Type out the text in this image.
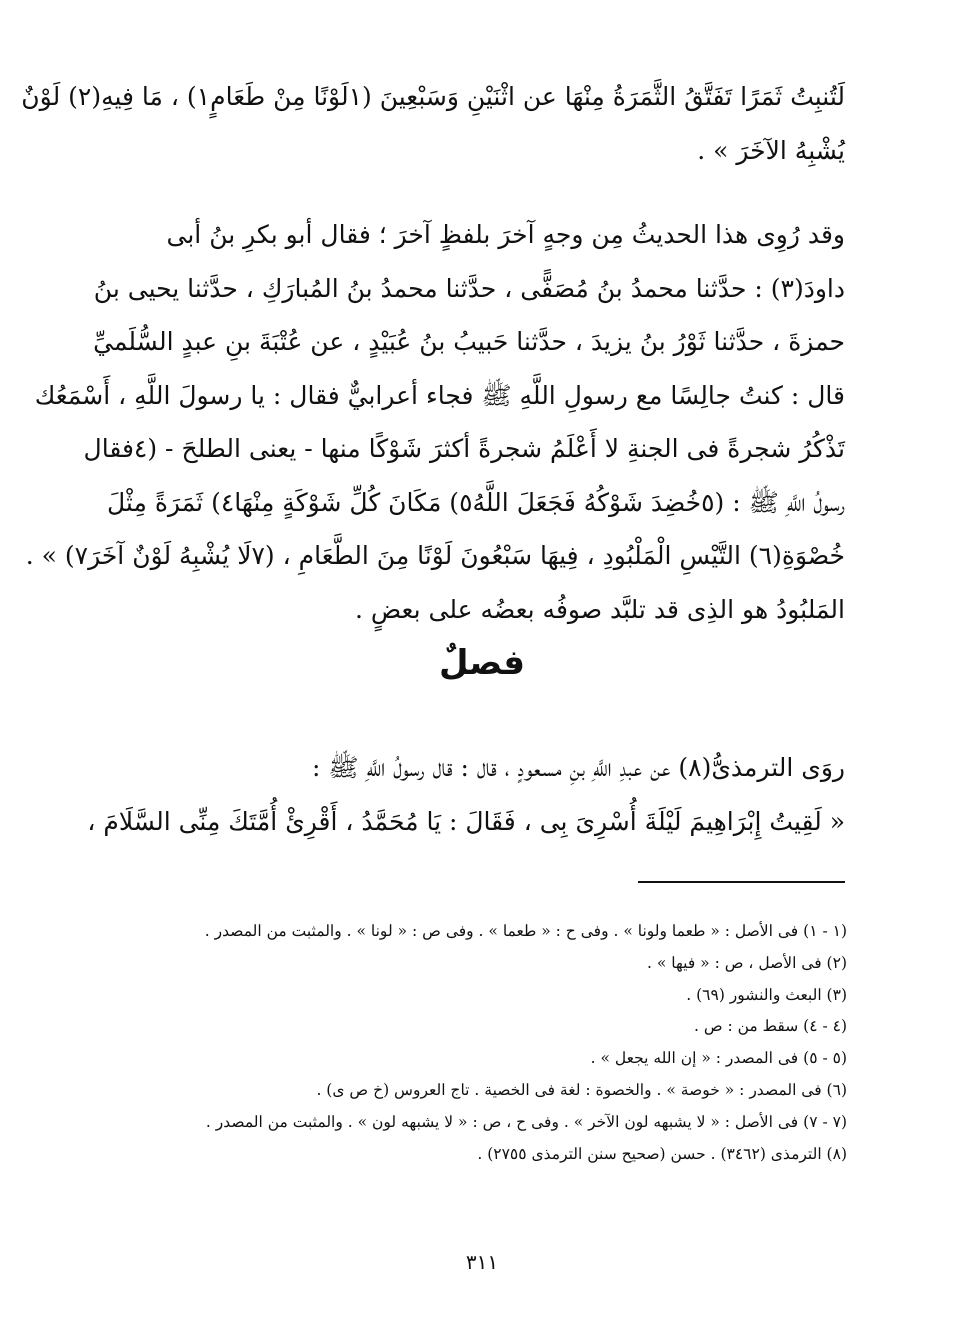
لَتُنبِتُ ثَمَرًا تَفَتَّقُ الثَّمَرَةُ مِنْهَا عن اثْنَيْنِ وَسَبْعِينَ (١لَوْنًا مِنْ طَعَامٍ١) ، مَا فِيهِ(٢) لَوْنٌ
يُشْبِهُ الآخَرَ » .
وقد رُوِى هذا الحديثُ مِن وجهٍ آخرَ بلفظٍ آخرَ ؛ فقال أبو بكرِ بنُ أبى
داودَ(٣) : حدَّثنا محمدُ بنُ مُصَفًّى ، حدَّثنا محمدُ بنُ المُبارَكِ ، حدَّثنا يحيى بنُ
حمزةَ ، حدَّثنا ثَوْرُ بنُ يزيدَ ، حدَّثنا حَبيبُ بنُ عُبَيْدٍ ، عن عُتْبَةَ بنِ عبدٍ السُّلَميِّ
قال : كنتُ جالِسًا مع رسولِ اللَّهِ ﷺ فجاء أعرابيٌّ فقال : يا رسولَ اللَّهِ ، أَسْمَعُك
تَذْكُرُ شجرةً فى الجنةِ لا أَعْلَمُ شجرةً أكثرَ شَوْكًا منها - يعنى الطلحَ - (٤فقال
رسولُ اللَّهِ ﷺ : (٥خُضِدَ شَوْكُهُ فَجَعَلَ اللَّهُ٥) مَكَانَ كُلِّ شَوْكَةٍ مِنْهَا٤) ثَمَرَةً مِثْلَ
خُصْوَةِ(٦) التَّيْسِ الْمَلْبُودِ ، فِيهَا سَبْعُونَ لَوْنًا مِنَ الطَّعَامِ ، (٧لَا يُشْبِهُ لَوْنٌ آخَرَ٧) » .
المَلبُودُ هو الذِى قد تلبَّد صوفُه بعضُه على بعضٍ .
فصلٌ
روَى الترمذىُّ(٨) عن عبدِ اللَّهِ بنِ مسعودٍ ، قال : قال رسولُ اللَّهِ ﷺ :
« لَقِيتُ إِبْرَاهِيمَ لَيْلَةَ أُسْرِىَ بِى ، فَقَالَ : يَا مُحَمَّدُ ، أَقْرِئْ أُمَّتَكَ مِنِّى السَّلَامَ ،
(١ - ١) فى الأصل : « طعما ولونا » . وفى ح : « طعما » . وفى ص : « لونا » . والمثبت من المصدر .
(٢) فى الأصل ، ص : « فيها » .
(٣) البعث والنشور (٦٩) .
(٤ - ٤) سقط من : ص .
(٥ - ٥) فى المصدر : « إن الله يجعل » .
(٦) فى المصدر : « خوصة » . والخصوة : لغة فى الخصية . تاج العروس (خ ص ى) .
(٧ - ٧) فى الأصل : « لا يشبهه لون الآخر » . وفى ح ، ص : « لا يشبهه لون » . والمثبت من المصدر .
(٨) الترمذى (٣٤٦٢) . حسن (صحيح سنن الترمذى ٢٧٥٥) .
٣١١
